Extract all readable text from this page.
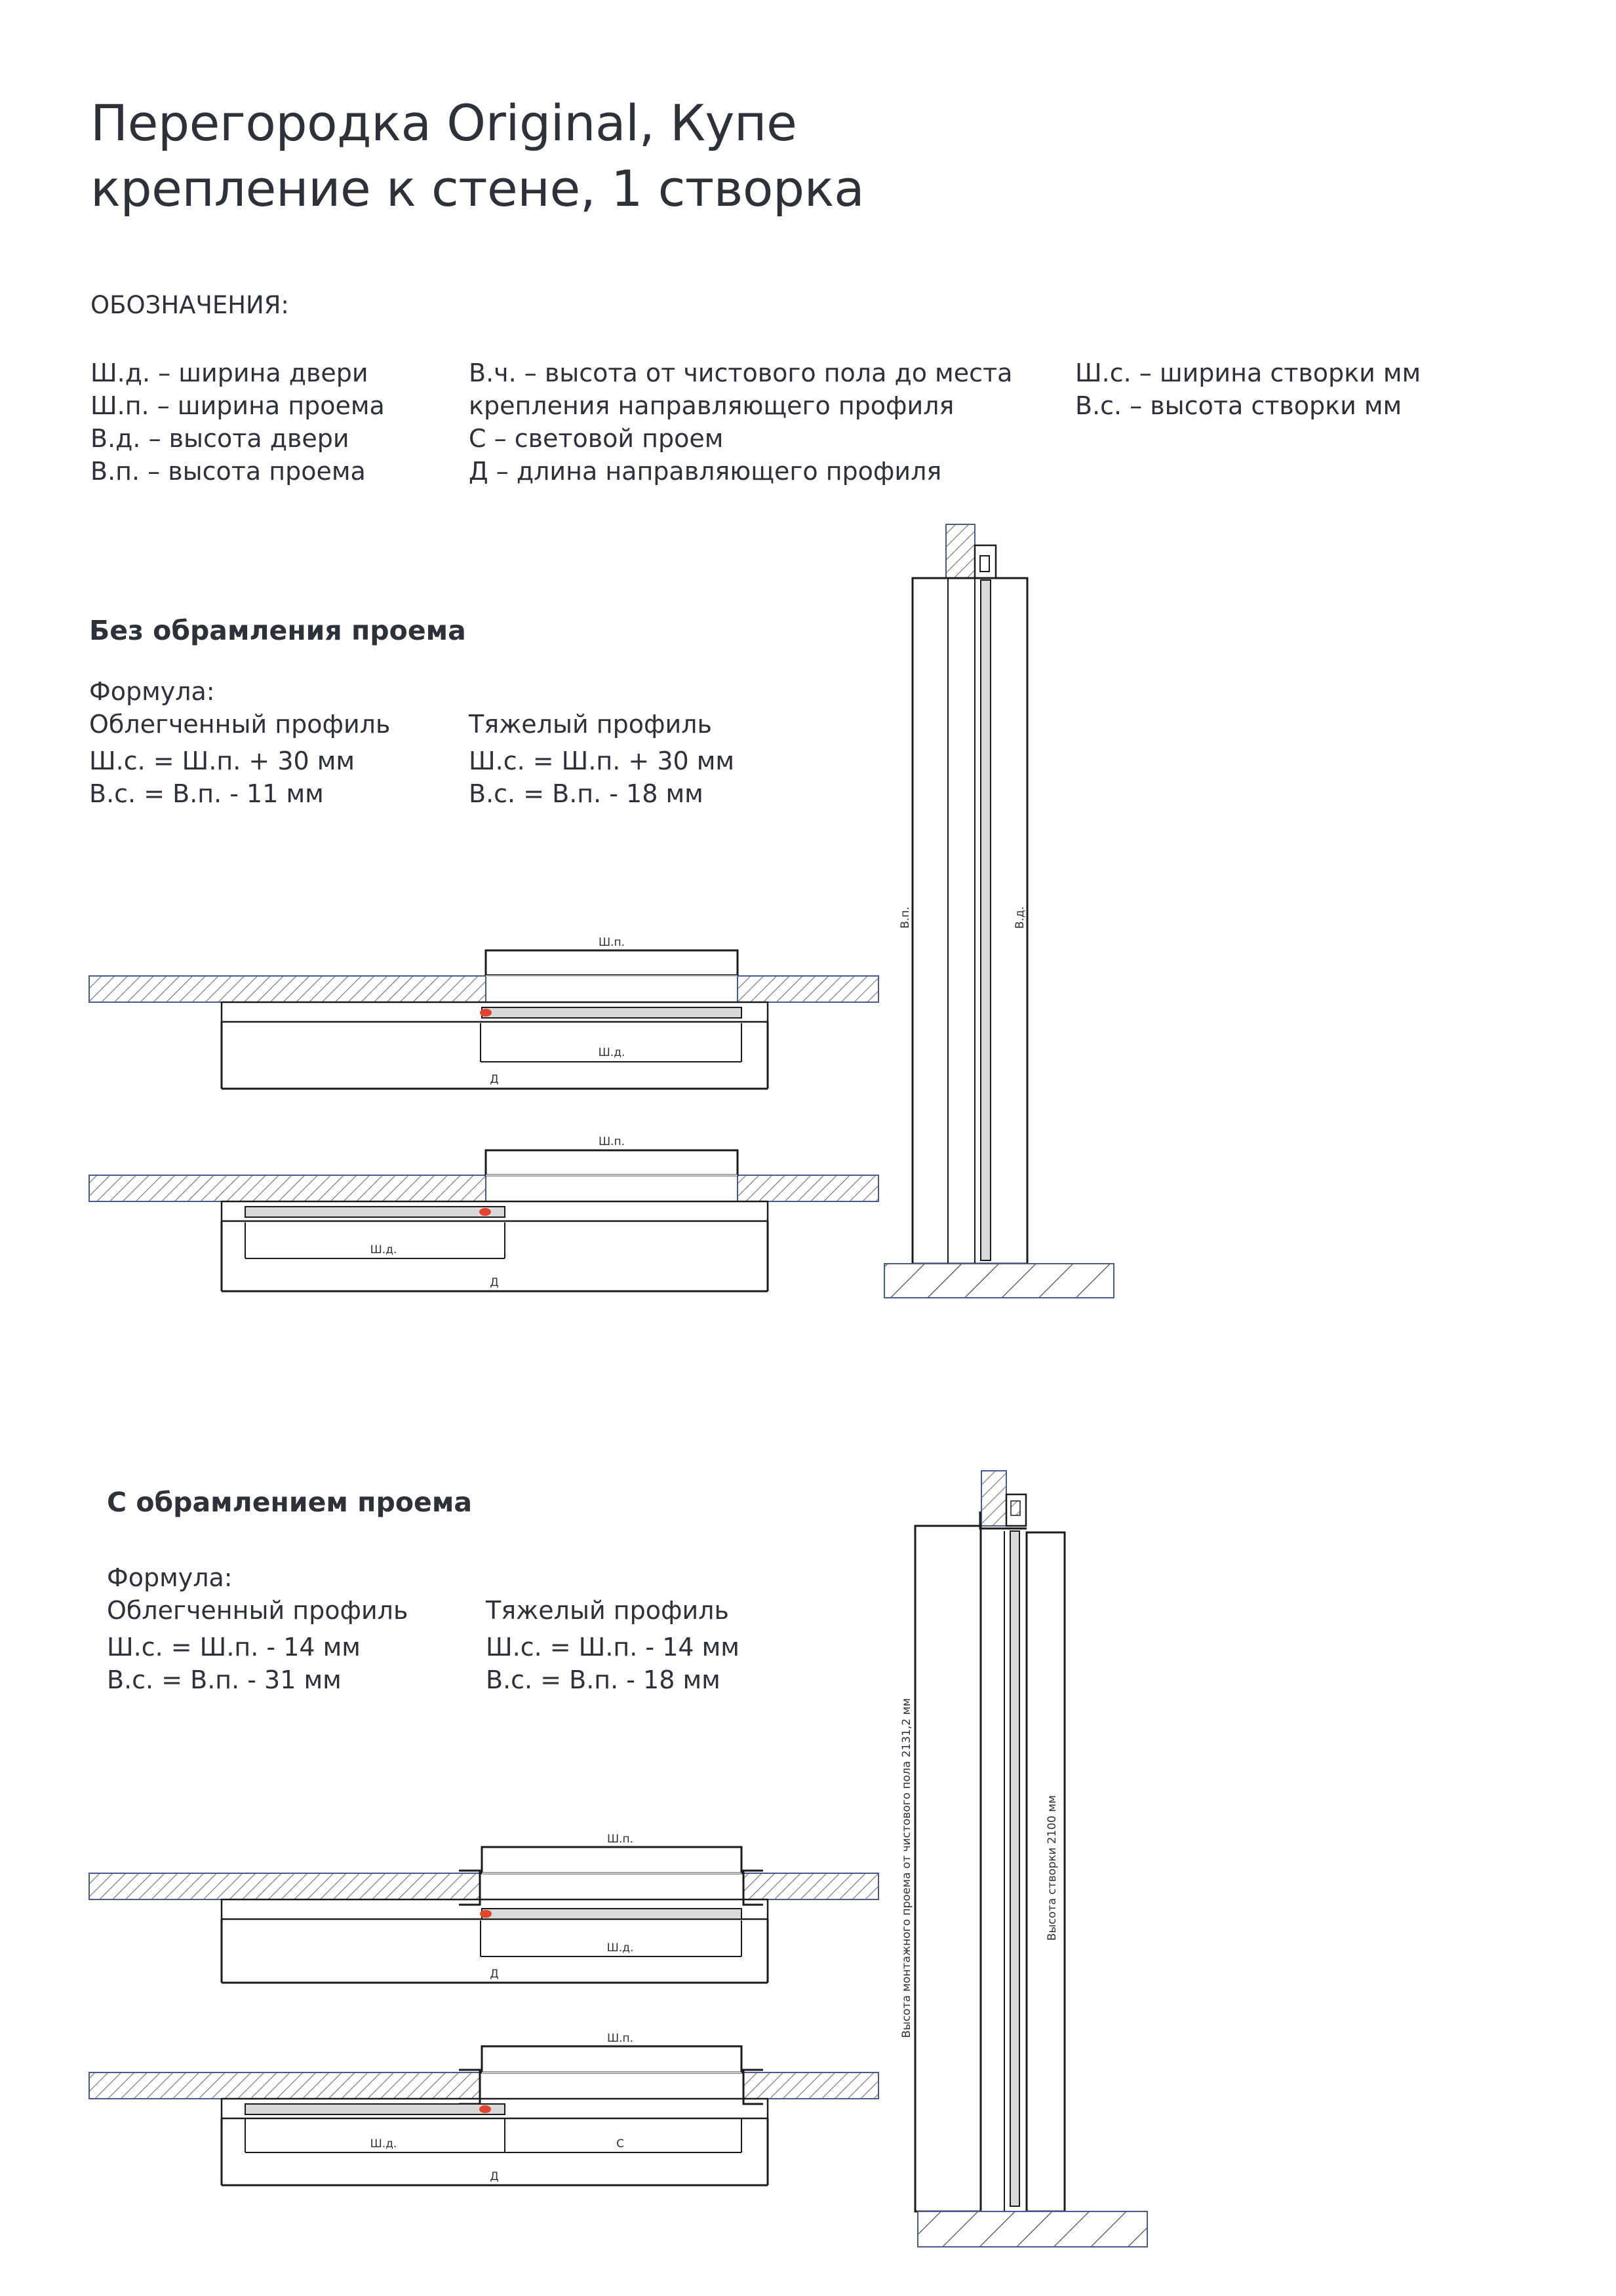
Перегородка Original, Купе
крепление к стене, 1 створка
ОБОЗНАЧЕНИЯ:
Ш.д. – ширина двери
Ш.п. – ширина проема
В.д. – высота двери
В.п. – высота проема
В.ч. – высота от чистового пола до места
крепления направляющего профиля
С – световой проем
Д – длина направляющего профиля
Ш.с. – ширина створки мм
В.с. – высота створки мм
Без обрамления проема
Формула:
Облегченный профиль
Ш.с. = Ш.п. + 30 мм
В.с. = В.п. - 11 мм
Тяжелый профиль
Ш.с. = Ш.п. + 30 мм
В.с. = В.п. - 18 мм
С обрамлением проема
Формула:
Облегченный профиль
Ш.с. = Ш.п. - 14 мм
В.с. = В.п. - 31 мм
Тяжелый профиль
Ш.с. = Ш.п. - 14 мм
В.с. = В.п. - 18 мм
Ш.п.
Ш.д.
Д
Ш.п.
Ш.д.
Д
В.п.	В.д.
Ш.п.
Ш.д.
Д
Ш.п.
Ш.д.	С
Д
Высота монтажного проема от чистового пола 2131,2 мм	Высота створки 2100 мм
